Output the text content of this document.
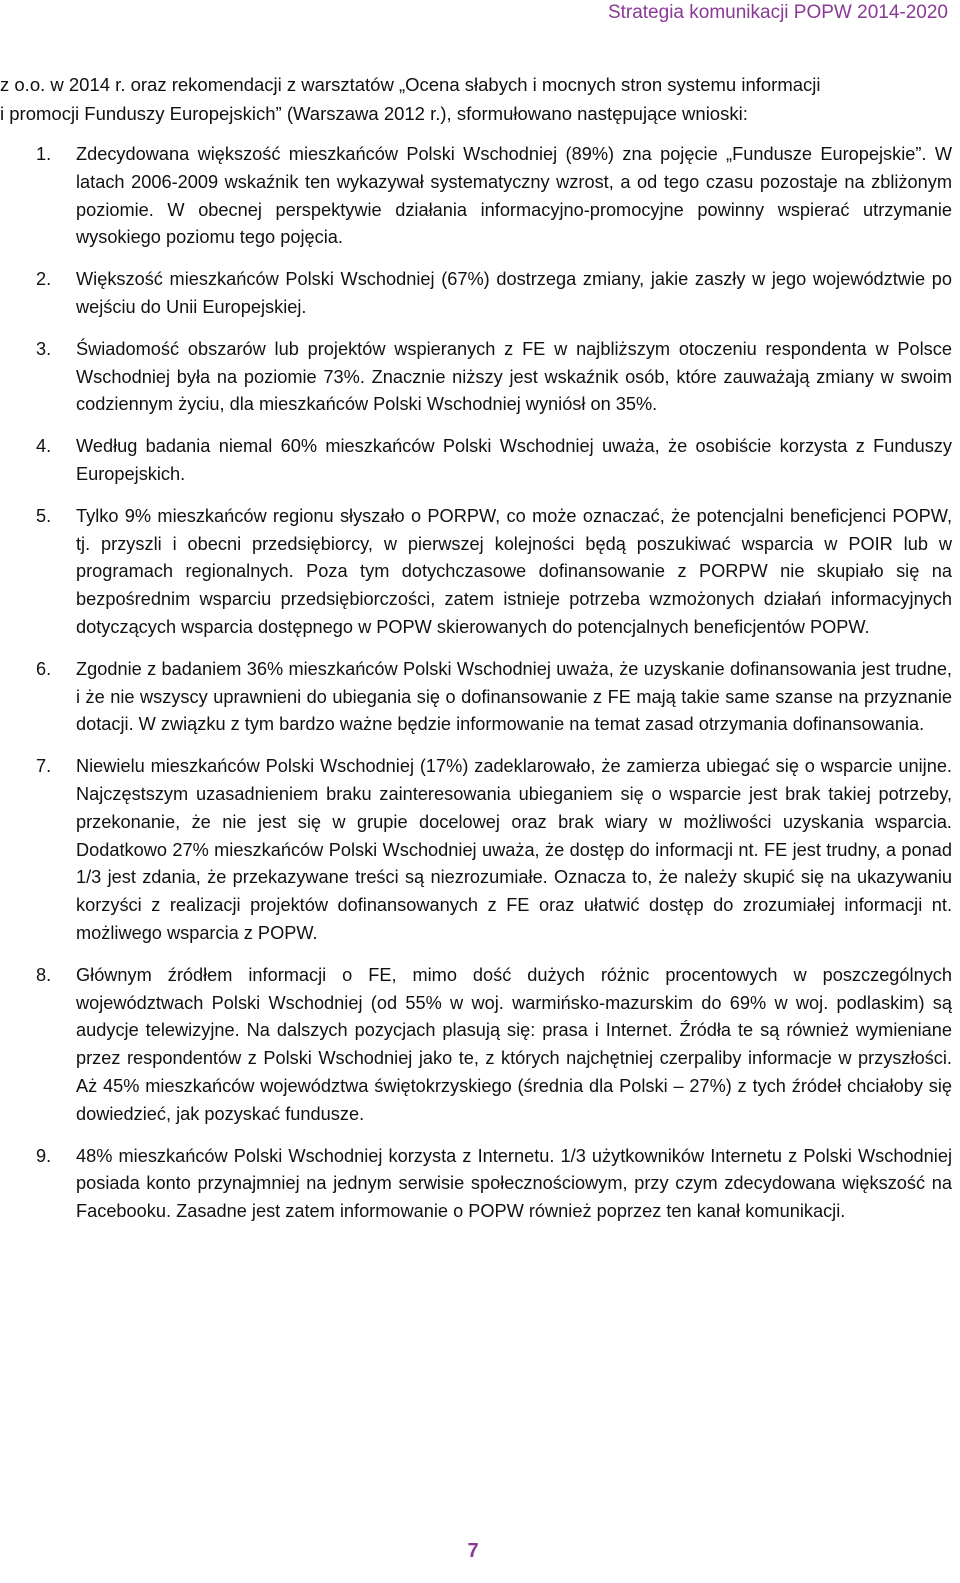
Strategia komunikacji POPW 2014-2020
z o.o. w 2014 r. oraz rekomendacji z warsztatów „Ocena słabych i mocnych stron systemu informacji
i promocji Funduszy Europejskich” (Warszawa 2012 r.), sformułowano następujące wnioski:
1. Zdecydowana większość mieszkańców Polski Wschodniej (89%) zna pojęcie „Fundusze Europejskie”. W latach 2006-2009 wskaźnik ten wykazywał systematyczny wzrost, a od tego czasu pozostaje na zbliżonym poziomie. W obecnej perspektywie działania informacyjno-promocyjne powinny wspierać utrzymanie wysokiego poziomu tego pojęcia.
2. Większość mieszkańców Polski Wschodniej (67%) dostrzega zmiany, jakie zaszły w jego województwie po wejściu do Unii Europejskiej.
3. Świadomość obszarów lub projektów wspieranych z FE w najbliższym otoczeniu respondenta w Polsce Wschodniej była na poziomie 73%. Znacznie niższy jest wskaźnik osób, które zauważają zmiany w swoim codziennym życiu, dla mieszkańców Polski Wschodniej wyniósł on 35%.
4. Według badania niemal 60% mieszkańców Polski Wschodniej uważa, że osobiście korzysta z Funduszy Europejskich.
5. Tylko 9% mieszkańców regionu słyszało o PORPW, co może oznaczać, że potencjalni beneficjenci POPW, tj. przyszli i obecni przedsiębiorcy, w pierwszej kolejności będą poszukiwać wsparcia w POIR lub w programach regionalnych. Poza tym dotychczasowe dofinansowanie z PORPW nie skupiało się na bezpośrednim wsparciu przedsiębiorczości, zatem istnieje potrzeba wzmożonych działań informacyjnych dotyczących wsparcia dostępnego w POPW skierowanych do potencjalnych beneficjentów POPW.
6. Zgodnie z badaniem 36% mieszkańców Polski Wschodniej uważa, że uzyskanie dofinansowania jest trudne, i że nie wszyscy uprawnieni do ubiegania się o dofinansowanie z FE mają takie same szanse na przyznanie dotacji. W związku z tym bardzo ważne będzie informowanie na temat zasad otrzymania dofinansowania.
7. Niewielu mieszkańców Polski Wschodniej (17%) zadeklarowało, że zamierza ubiegać się o wsparcie unijne. Najczęstszym uzasadnieniem braku zainteresowania ubieganiem się o wsparcie jest brak takiej potrzeby, przekonanie, że nie jest się w grupie docelowej oraz brak wiary w możliwości uzyskania wsparcia. Dodatkowo 27% mieszkańców Polski Wschodniej uważa, że dostęp do informacji nt. FE jest trudny, a ponad 1/3 jest zdania, że przekazywane treści są niezrozumiałe. Oznacza to, że należy skupić się na ukazywaniu korzyści z realizacji projektów dofinansowanych z FE oraz ułatwić dostęp do zrozumiałej informacji nt. możliwego wsparcia z POPW.
8. Głównym źródłem informacji o FE, mimo dość dużych różnic procentowych w poszczególnych województwach Polski Wschodniej (od 55% w woj. warmińsko-mazurskim do 69% w woj. podlaskim) są audycje telewizyjne. Na dalszych pozycjach plasują się: prasa i Internet. Źródła te są również wymieniane przez respondentów z Polski Wschodniej jako te, z których najchętniej czerpaliby informacje w przyszłości. Aż 45% mieszkańców województwa świętokrzyskiego (średnia dla Polski – 27%) z tych źródeł chciałoby się dowiedzieć, jak pozyskać fundusze.
9. 48% mieszkańców Polski Wschodniej korzysta z Internetu. 1/3 użytkowników Internetu z Polski Wschodniej posiada konto przynajmniej na jednym serwisie społecznościowym, przy czym zdecydowana większość na Facebooku. Zasadne jest zatem informowanie o POPW również poprzez ten kanał komunikacji.
7
